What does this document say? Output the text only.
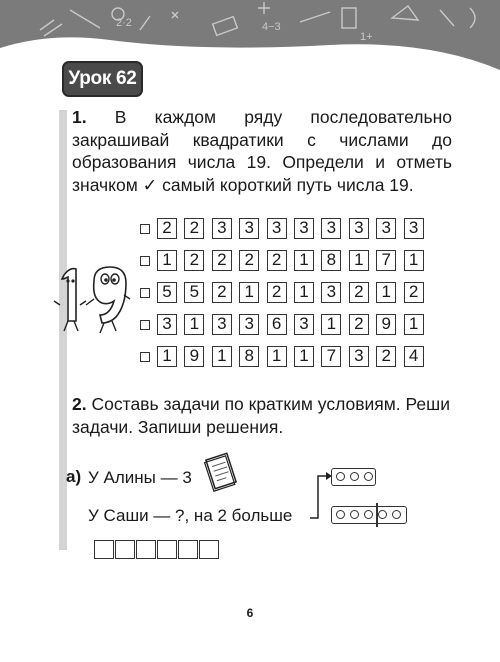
2·2	4−3
1+
Урок 62
1. В каждом ряду последовательно закрашивай квадратики с числами до образования числа 19. Определи и отметь значком ✓ самый короткий путь числа 19.
2	2	3	3	3	3	3	3	3	3
1	2	2	2	2	1	8	1	7	1
5	5	2	1	2	1	3	2	1	2
3	1	3	3	6	3	1	2	9	1
1	9	1	8	1	1	7	3	2	4
2. Составь задачи по кратким условиям. Реши задачи. Запиши решения.
а) У Алины — 3
У Саши — ?, на 2 больше
6
